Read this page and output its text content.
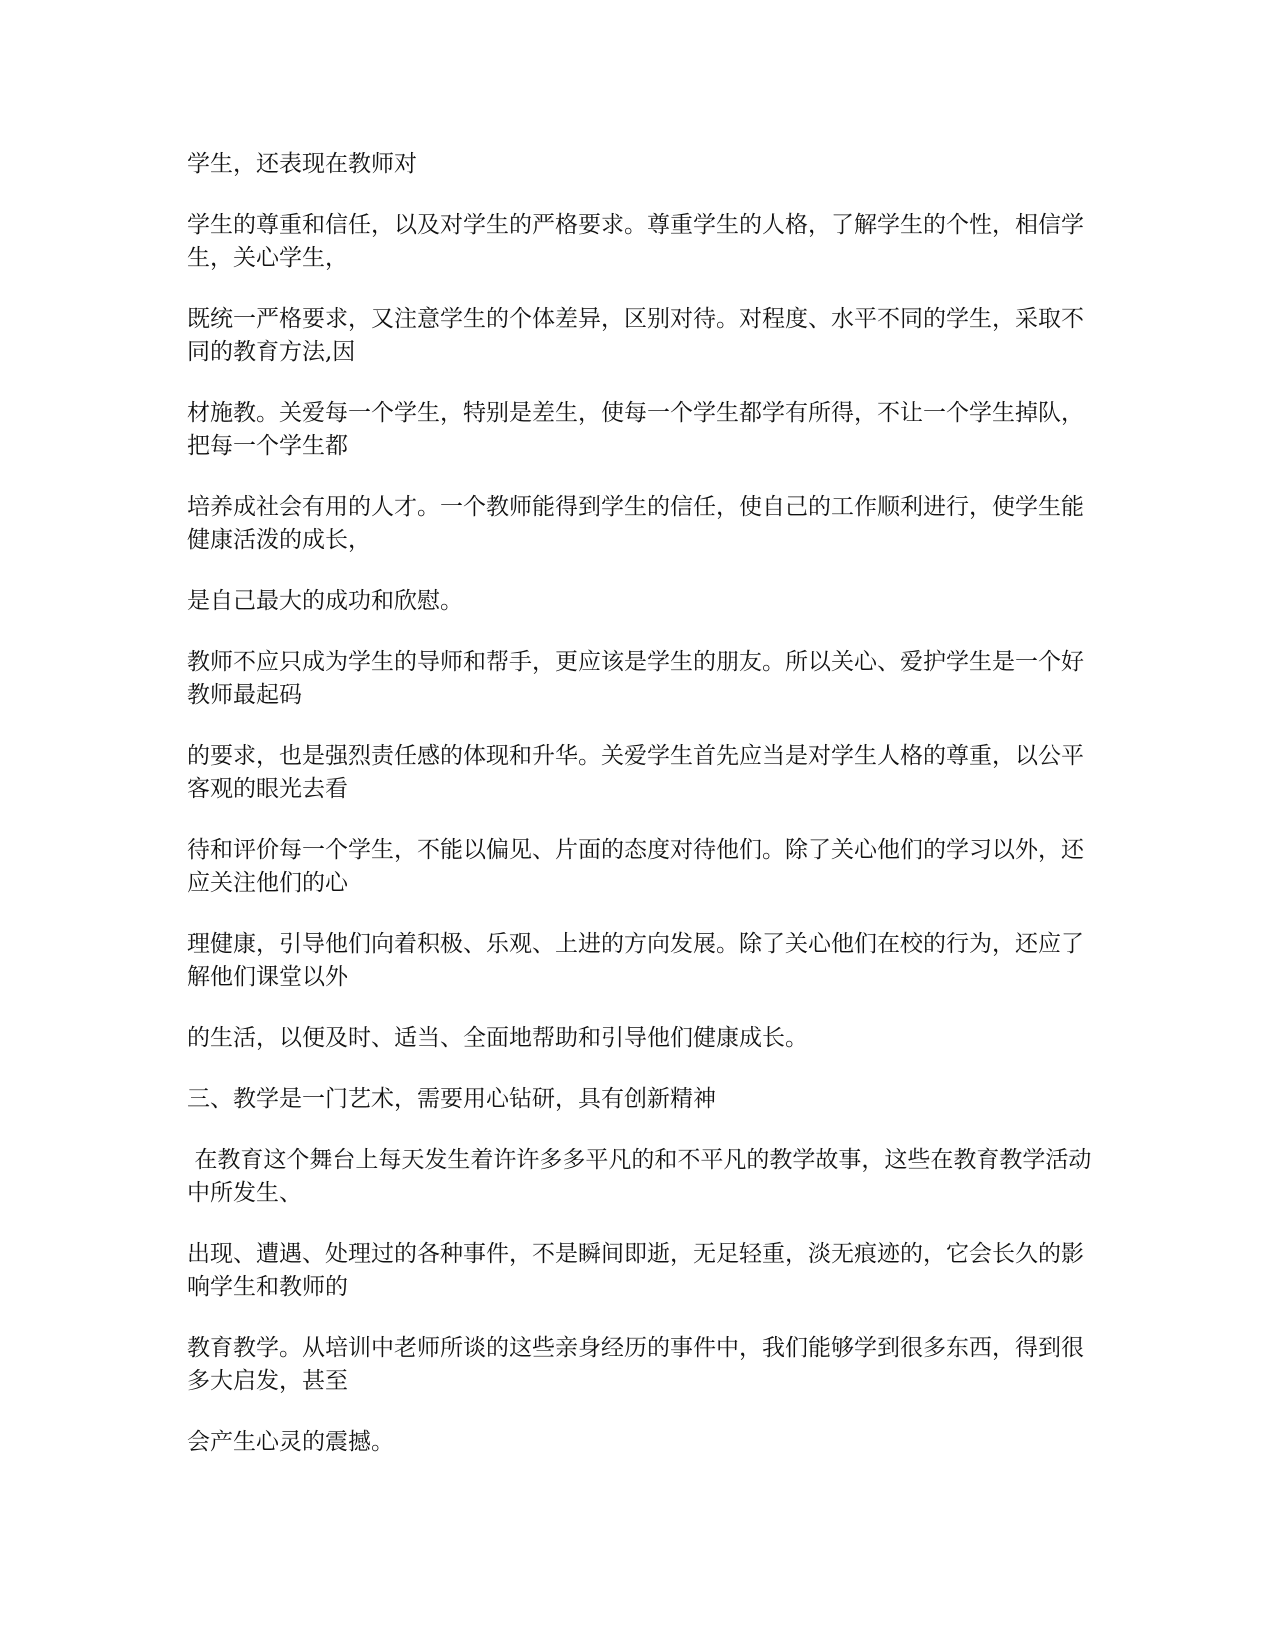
学生，还表现在教师对

学生的尊重和信任，以及对学生的严格要求。尊重学生的人格，了解学生的个性，相信学生，关心学生，

既统一严格要求，又注意学生的个体差异，区别对待。对程度、水平不同的学生，采取不同的教育方法,因

材施教。关爱每一个学生，特别是差生，使每一个学生都学有所得，不让一个学生掉队，把每一个学生都

培养成社会有用的人才。一个教师能得到学生的信任，使自己的工作顺利进行，使学生能健康活泼的成长，

是自己最大的成功和欣慰。

教师不应只成为学生的导师和帮手，更应该是学生的朋友。所以关心、爱护学生是一个好教师最起码

的要求，也是强烈责任感的体现和升华。关爱学生首先应当是对学生人格的尊重，以公平客观的眼光去看

待和评价每一个学生，不能以偏见、片面的态度对待他们。除了关心他们的学习以外，还应关注他们的心

理健康，引导他们向着积极、乐观、上进的方向发展。除了关心他们在校的行为，还应了解他们课堂以外

的生活，以便及时、适当、全面地帮助和引导他们健康成长。

三、教学是一门艺术，需要用心钻研，具有创新精神

在教育这个舞台上每天发生着许许多多平凡的和不平凡的教学故事，这些在教育教学活动中所发生、

出现、遭遇、处理过的各种事件，不是瞬间即逝，无足轻重，淡无痕迹的，它会长久的影响学生和教师的

教育教学。从培训中老师所谈的这些亲身经历的事件中，我们能够学到很多东西，得到很多大启发，甚至

会产生心灵的震撼。
